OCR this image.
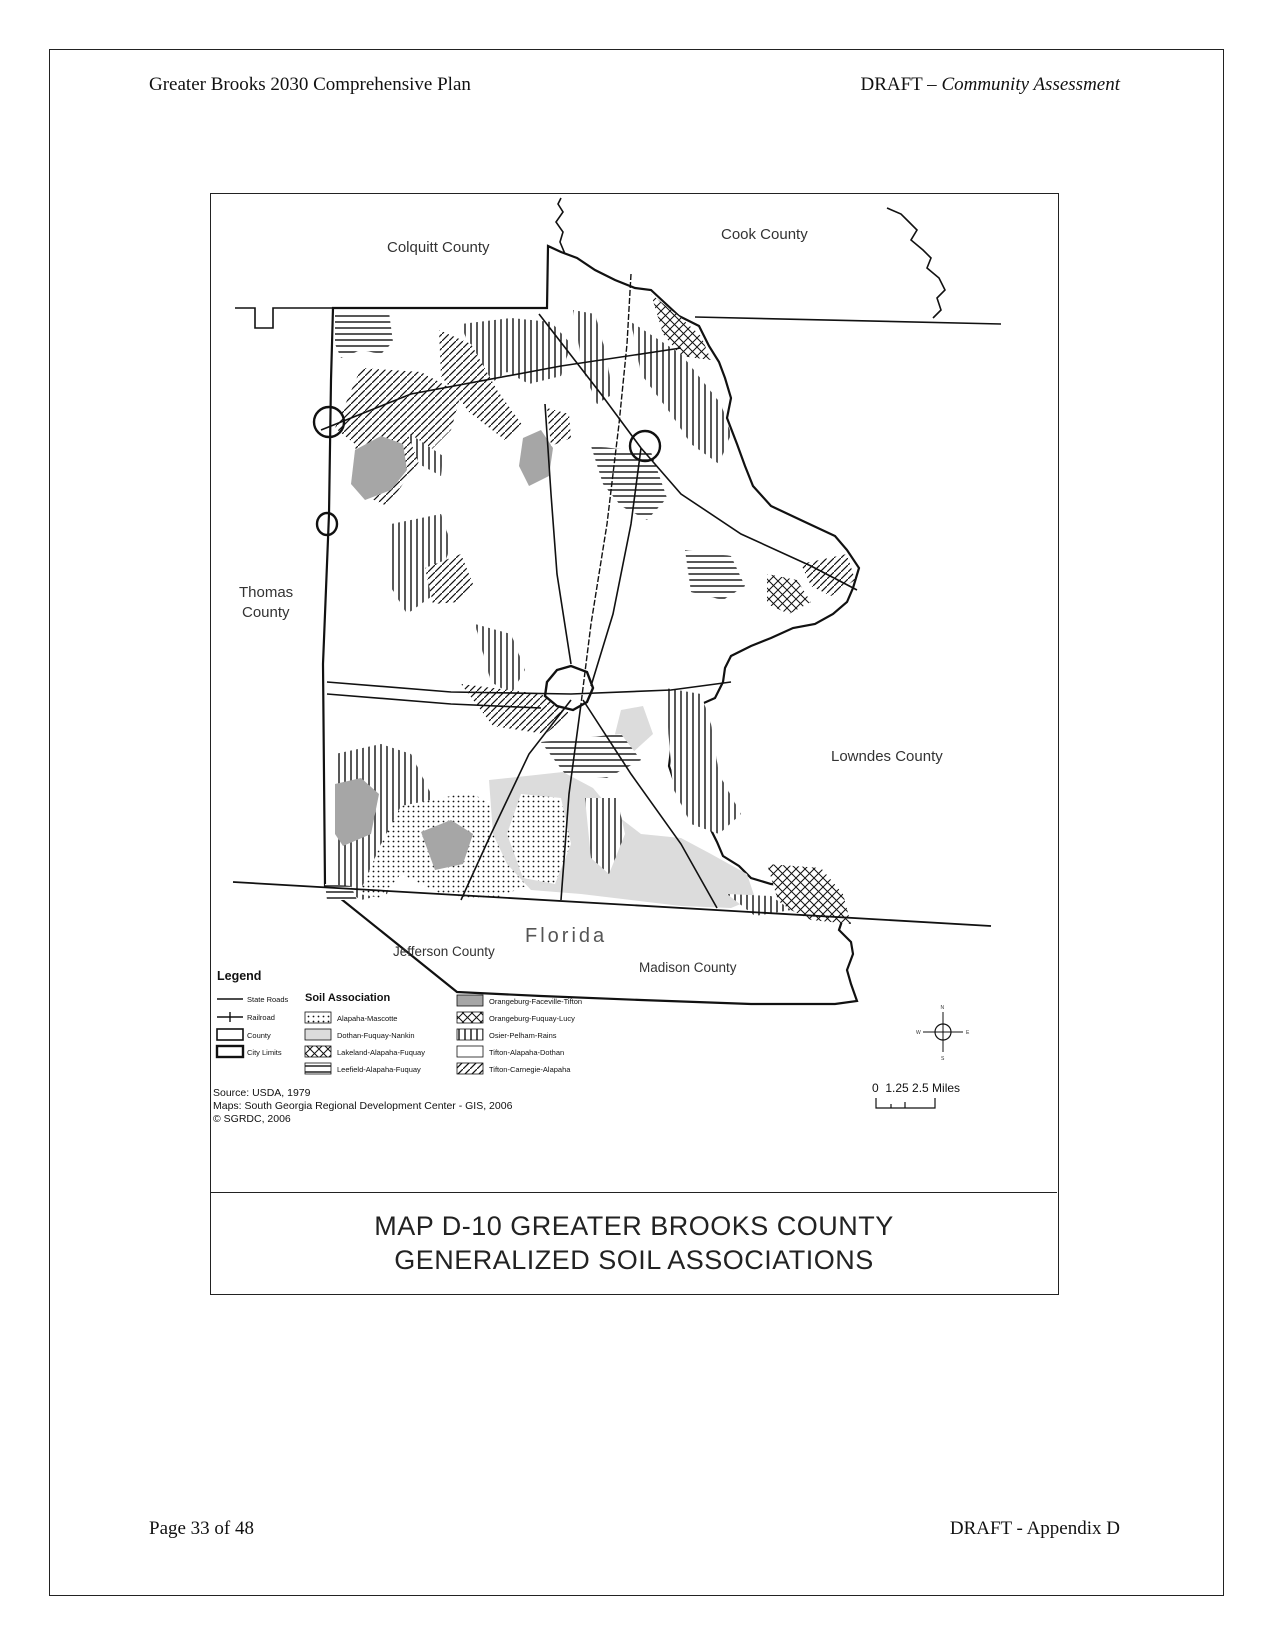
Greater Brooks 2030 Comprehensive Plan	DRAFT – Community Assessment
Colquitt County
Cook County
Thomas
County
Lowndes County
Jefferson County
Madison County
Florida
Legend
Soil Association
State Roads
Railroad
County
City Limits
Alapaha-Mascotte
Dothan-Fuquay-Nankin
Lakeland-Alapaha-Fuquay
Leefield-Alapaha-Fuquay
Orangeburg-Faceville-Tifton
Orangeburg-Fuquay-Lucy
Osier-Pelham-Rains
Tifton-Alapaha-Dothan
Tifton-Carnegie-Alapaha
Source: USDA, 1979
Maps: South Georgia Regional Development Center - GIS, 2006
© SGRDC, 2006
N
S
W	E
0  1.25 2.5 Miles
MAP D-10 GREATER BROOKS COUNTY
GENERALIZED SOIL ASSOCIATIONS
Page 33 of 48	DRAFT - Appendix D
